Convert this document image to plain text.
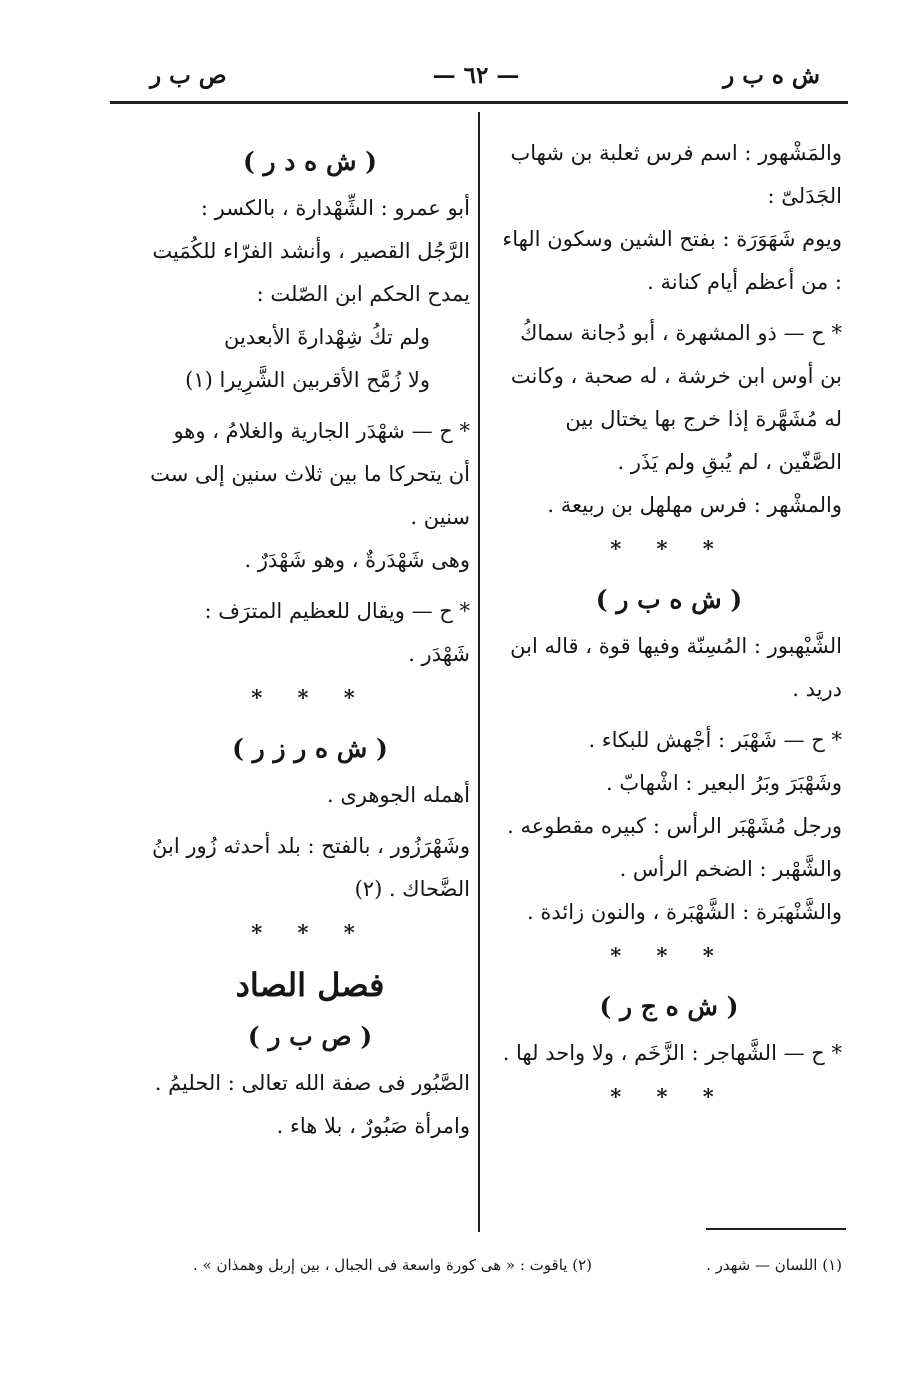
ش ه ب ر
— ٦٢ —
ص ب ر

والمَشْهور : اسم فرس ثعلبة بن شهاب الجَدَلىّ :

ويوم شَهَوَرَة : بفتح الشين وسكون الهاء : من أعظم أيام كنانة .

* ح — ذو المشهرة ، أبو دُجانة سماكُ بن أوس ابن خرشة ، له صحبة ، وكانت له مُشَهَّرة إذا خرج بها يختال بين الصَّفّين ، لم يُبقِ ولم يَذَر .

والمشْهر : فرس مهلهل بن ربيعة .

* * *
( ش ه ب ر )

الشَّيْهبور : المُسِنّة وفيها قوة ، قاله ابن دريد .

* ح — شَهْبَر : أجْهش للبكاء .

وشَهْبَرَ وبَرُ البعير : اشْهابّ .

ورجل مُشَهْبَر الرأس : كبيره مقطوعه .

والشَّهْبر : الضخم الرأس .

والشَّنْهبَرة : الشَّهْبَرة ، والنون زائدة .

* * *
( ش ه ج ر )

* ح — الشَّهاجر : الزَّخَم ، ولا واحد لها .

* * *
( ش ه د ر )

أبو عمرو : الشِّهْدارة ، بالكسر : الرَّجُل القصير ، وأنشد الفرّاء للكُمَيت يمدح الحكم ابن الصّلت :

ولم تكُ شِهْدارةَ الأبعدين

ولا زُمَّح الأقربين الشَّرِيرا (١)

* ح — شهْدَر الجارية والغلامُ ، وهو أن يتحركا ما بين ثلاث سنين إلى ست سنين .

وهى شَهْدَرةٌ ، وهو شَهْدَرٌ .

* ح — ويقال للعظيم المترَف : شَهْدَر .

* * *
( ش ه ر ز ر )

أهمله الجوهرى .

وشَهْرَزُور ، بالفتح : بلد أحدثه زُور ابنُ الضَّحاك . (٢)

* * *
فصل الصاد
( ص ب ر )

الصَّبُور فى صفة الله تعالى : الحليمُ .

وامرأة صَبُورٌ ، بلا هاء .

(١) اللسان — شهدر .
(٢) ياقوت : « هى كورة واسعة فى الجبال ، بين إربل وهمذان » .
